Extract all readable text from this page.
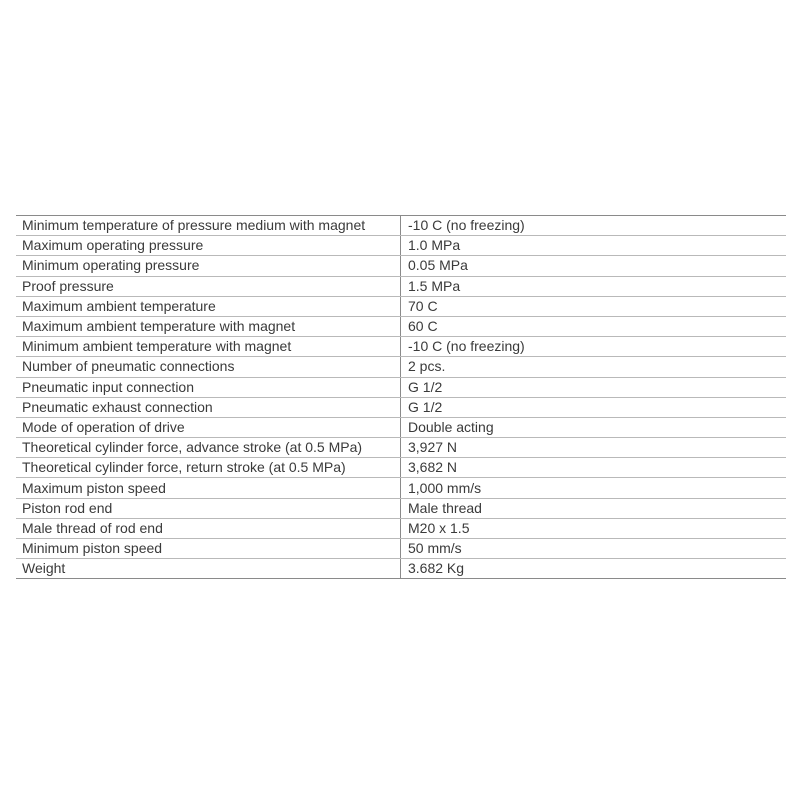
Minimum temperature of pressure medium with magnet	-10 C (no freezing)
Maximum operating pressure	1.0 MPa
Minimum operating pressure	0.05 MPa
Proof pressure	1.5 MPa
Maximum ambient temperature	70 C
Maximum ambient temperature with magnet	60 C
Minimum ambient temperature with magnet	-10 C (no freezing)
Number of pneumatic connections	2 pcs.
Pneumatic input connection	G 1/2
Pneumatic exhaust connection	G 1/2
Mode of operation of drive	Double acting
Theoretical cylinder force, advance stroke (at 0.5 MPa)	3,927 N
Theoretical cylinder force, return stroke (at 0.5 MPa)	3,682 N
Maximum piston speed	1,000 mm/s
Piston rod end	Male thread
Male thread of rod end	M20 x 1.5
Minimum piston speed	50 mm/s
Weight	3.682 Kg
